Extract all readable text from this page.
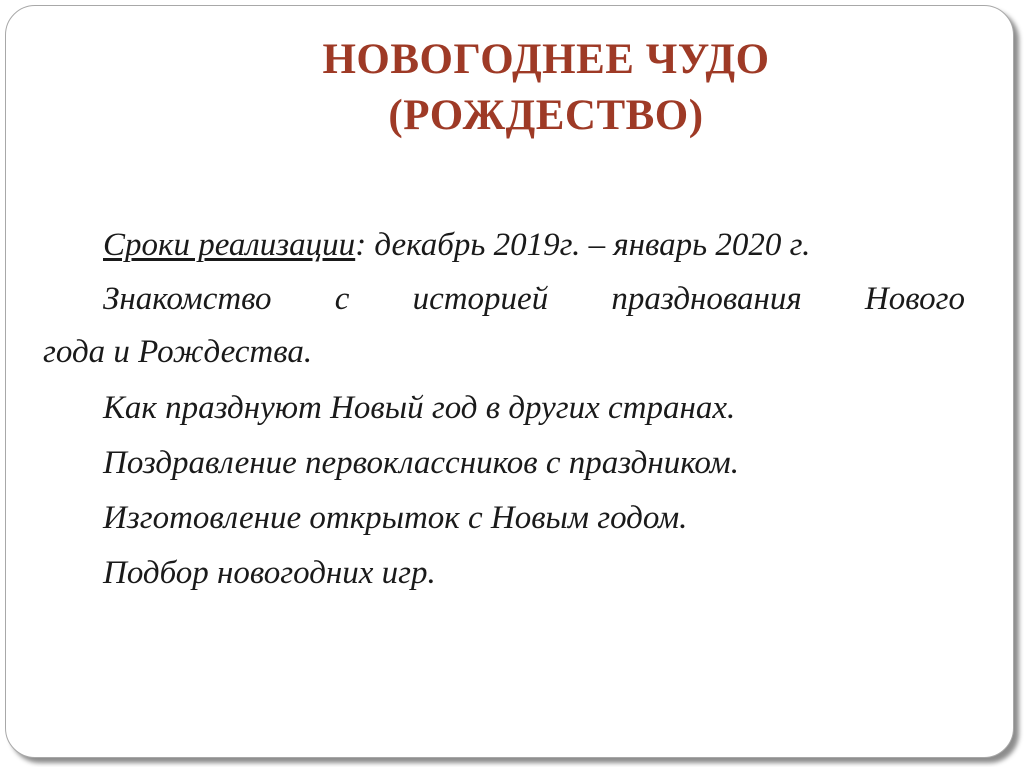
НОВОГОДНЕЕ ЧУДО
(РОЖДЕСТВО)

Сроки реализации: декабрь 2019г. – январь 2020 г.

Знакомство с историей празднования Нового
года и Рождества.

Как празднуют Новый год в других странах.

Поздравление первоклассников с праздником.

Изготовление открыток с Новым годом.

Подбор новогодних игр.
